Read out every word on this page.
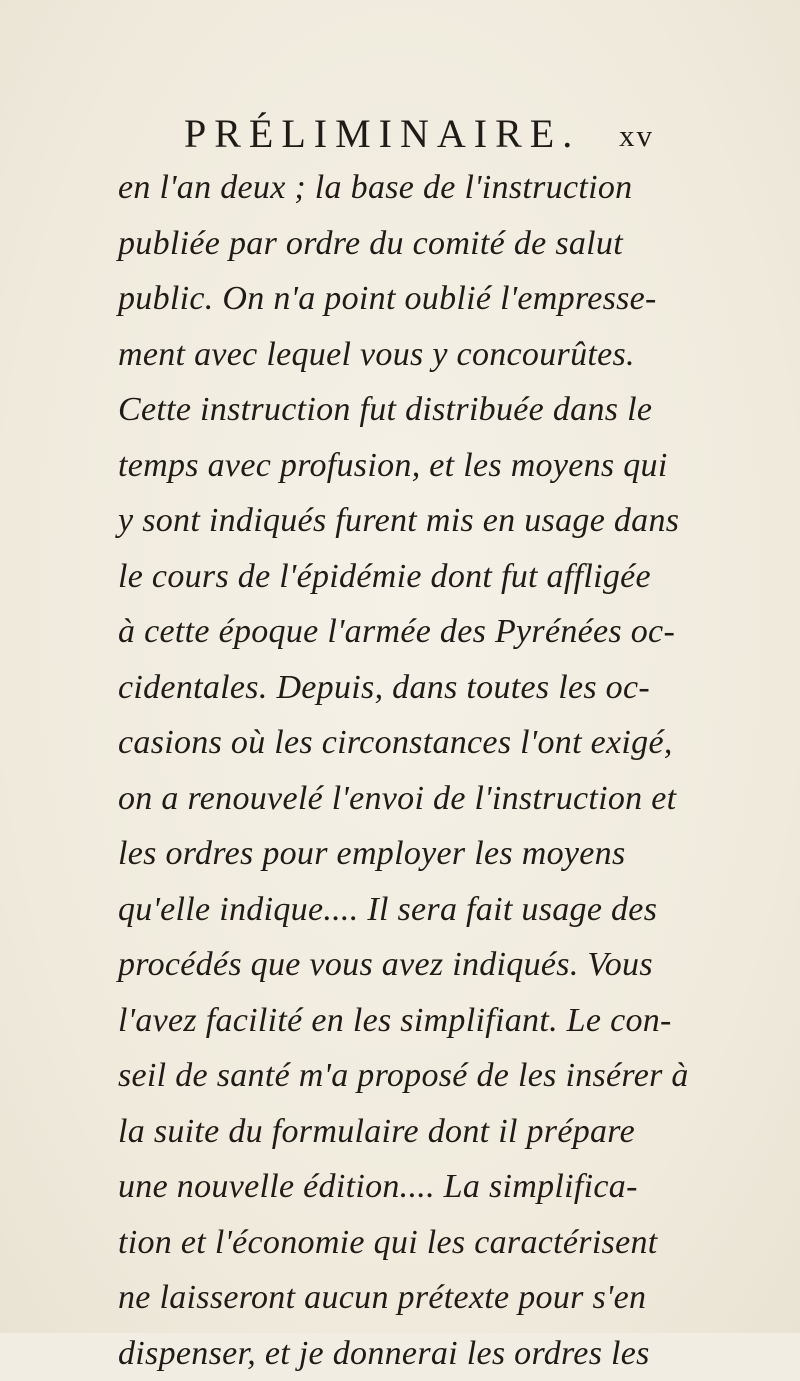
PRÉLIMINAIRE. xv
en l'an deux ; la base de l'instruction
publiée par ordre du comité de salut
public. On n'a point oublié l'empresse-
ment avec lequel vous y concourûtes.
Cette instruction fut distribuée dans le
temps avec profusion, et les moyens qui
y sont indiqués furent mis en usage dans
le cours de l'épidémie dont fut affligée
à cette époque l'armée des Pyrénées oc-
cidentales. Depuis, dans toutes les oc-
casions où les circonstances l'ont exigé,
on a renouvelé l'envoi de l'instruction et
les ordres pour employer les moyens
qu'elle indique.... Il sera fait usage des
procédés que vous avez indiqués. Vous
l'avez facilité en les simplifiant. Le con-
seil de santé m'a proposé de les insérer à
la suite du formulaire dont il prépare
une nouvelle édition.... La simplifica-
tion et l'économie qui les caractérisent
ne laisseront aucun prétexte pour s'en
dispenser, et je donnerai les ordres les
